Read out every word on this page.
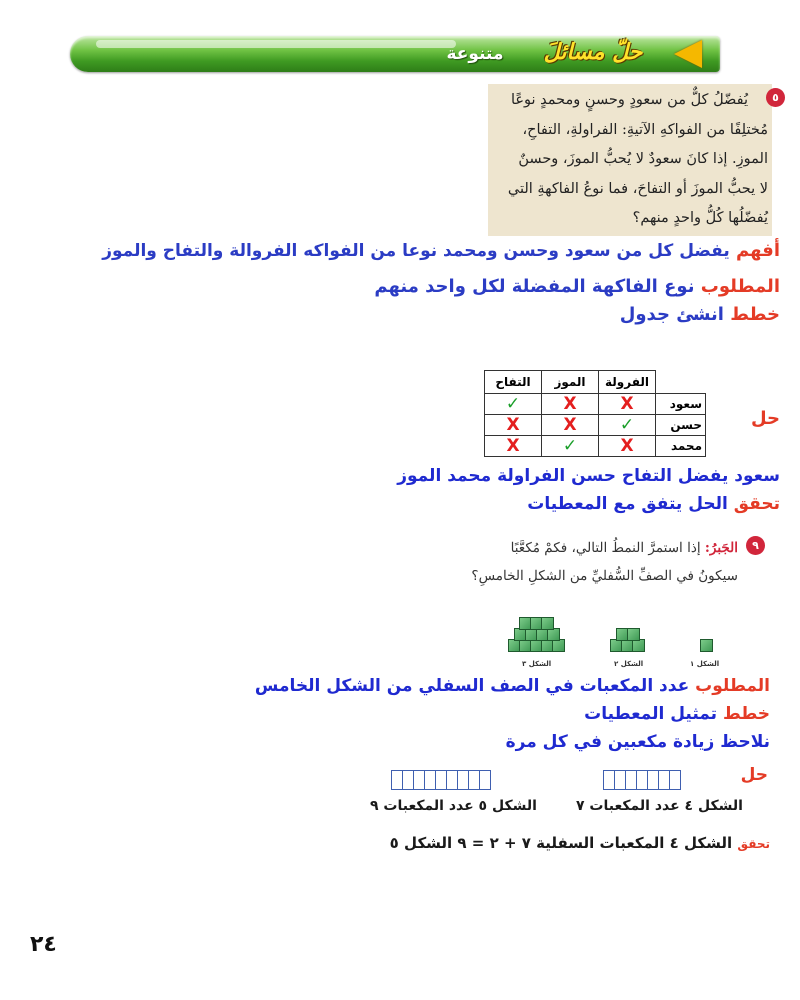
حلّ مسائلَ
متنوعة
٥
يُفضّلُ كلٌّ من سعودٍ وحسنٍ ومحمدٍ نوعًا
مُختلِفًا من الفواكهِ الآتيةِ: الفراولةِ، التفاحِ،
الموزِ. إذا كانَ سعودٌ لا يُحبُّ الموزَ، وحسنٌ
لا يحبُّ الموزَ أو التفاحَ، فما نوعُ الفاكهةِ التي
يُفضّلُها كُلُّ واحدٍ منهم؟
أفهم يفضل كل من سعود وحسن ومحمد نوعا من الفواكه الفروالة والتفاح والموز
المطلوب نوع الفاكهة المفضلة لكل واحد منهم
خطط انشئ جدول
حل
	الفرولة	الموز	التفاح
سعود	X	X	✓
حسن	✓	X	X
محمد	X	✓	X
سعود يفضل التفاح حسن الفراولة محمد الموز
تحقق الحل يتفق مع المعطيات
٩
الجَبرُ: إذا استمرَّ النمطُ التالي، فكمْ مُكعَّبًا
سيكونُ في الصفِّ السُّفليِّ من الشكلِ الخامسِ؟
الشكل ١
الشكل ٢
الشكل ٣
المطلوب عدد المكعبات في الصف السفلي من الشكل الخامس
خطط تمثيل المعطيات
نلاحظ زيادة مكعبين في كل مرة
حل
الشكل ٤ عدد المكعبات ٧
الشكل ٥ عدد المكعبات ٩
تحقق الشكل ٤ المكعبات السفلية ٧ + ٢ = ٩ الشكل ٥
٢٤
